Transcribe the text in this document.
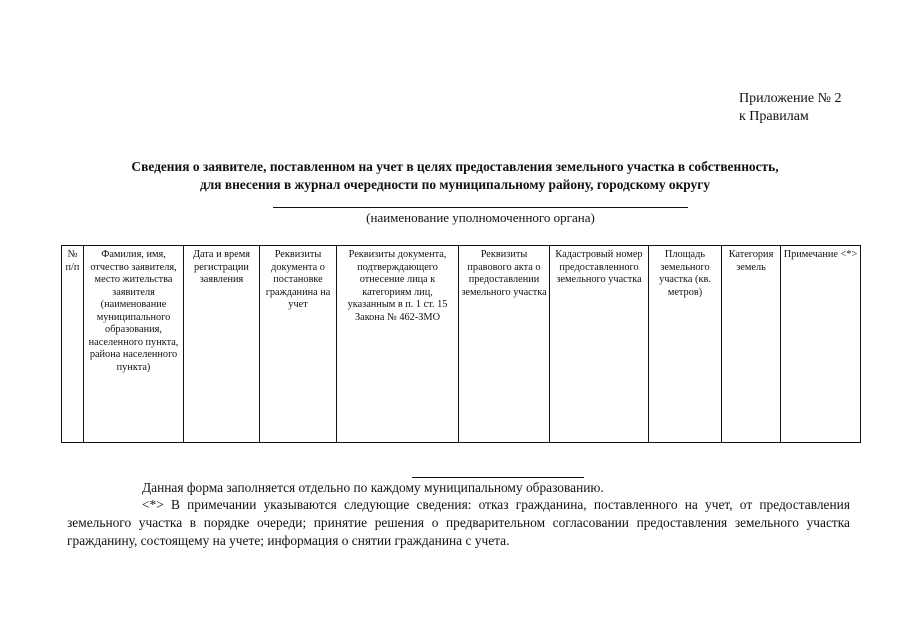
Приложение № 2
к Правилам
Сведения о заявителе, поставленном на учет в целях предоставления земельного участка в собственность,
для внесения в журнал очередности по муниципальному району, городскому округу
(наименование уполномоченного органа)
№ п/п	Фамилия, имя, отчество заявителя, место жительства заявителя (наименование муниципального образования, населенного пункта, района населенного пункта)	Дата и время регистрации заявления	Реквизиты документа о постановке гражданина на учет	Реквизиты документа, подтверждающего отнесение лица к категориям лиц, указанным в п. 1 ст. 15 Закона № 462-ЗМО	Реквизиты правового акта о предоставлении земельного участка	Кадастровый номер предоставленного земельного участка	Площадь земельного участка (кв. метров)	Категория земель	Примечание <*>
Данная форма заполняется отдельно по каждому муниципальному образованию.
<*> В примечании указываются следующие сведения: отказ гражданина, поставленного на учет, от предоставления земельного участка в порядке очереди; принятие решения о предварительном согласовании предоставления земельного участка гражданину, состоящему на учете; информация о снятии гражданина с учета.
